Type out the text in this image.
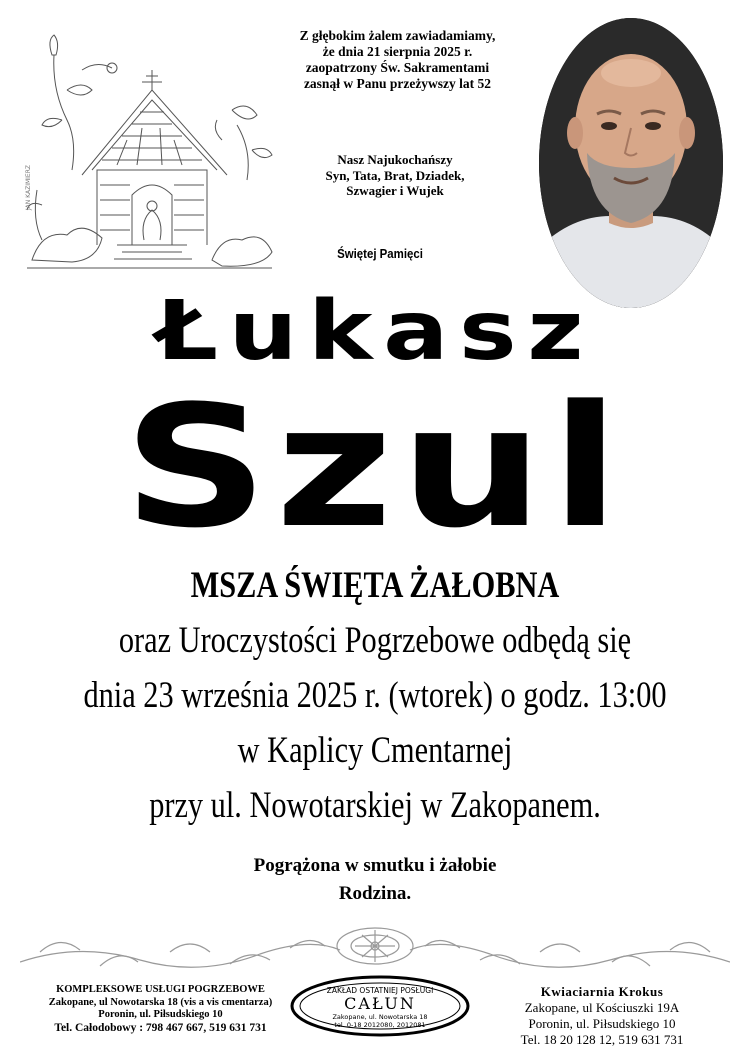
JAN KAZIMIERZ
Z głębokim żalem zawiadamiamy,
że dnia 21 sierpnia 2025 r.
zaopatrzony Św. Sakramentami
zasnął w Panu przeżywszy lat 52
Nasz Najukochańszy
Syn, Tata, Brat, Dziadek,
Szwagier i Wujek
Świętej Pamięci
Łukasz
Szul
MSZA ŚWIĘTA ŻAŁOBNA
oraz Uroczystości Pogrzebowe odbędą się
dnia 23 września 2025 r. (wtorek) o godz. 13:00
w Kaplicy Cmentarnej
przy ul. Nowotarskiej w Zakopanem.
Pogrążona w smutku i żałobie
Rodzina.
KOMPLEKSOWE USŁUGI POGRZEBOWE
Zakopane, ul Nowotarska 18 (vis a vis cmentarza)
Poronin, ul. Piłsudskiego 10
Tel. Całodobowy : 798 467 667, 519 631 731
ZAKŁAD OSTATNIEJ POSŁUGI
CAŁUN
Zakopane, ul. Nowotarska 18
tel. 0-18 2012080, 2012081
Kwiaciarnia Krokus
Zakopane, ul Kościuszki 19A
Poronin, ul. Piłsudskiego 10
Tel. 18 20 128 12, 519 631 731
